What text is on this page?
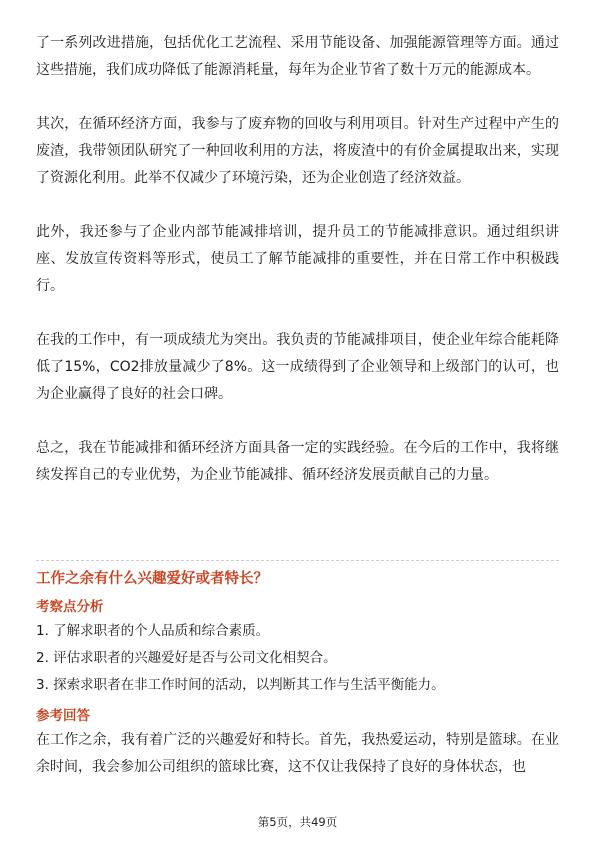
了一系列改进措施，包括优化工艺流程、采用节能设备、加强能源管理等方面。通过这些措施，我们成功降低了能源消耗量，每年为企业节省了数十万元的能源成本。

其次，在循环经济方面，我参与了废弃物的回收与利用项目。针对生产过程中产生的废渣，我带领团队研究了一种回收利用的方法，将废渣中的有价金属提取出来，实现了资源化利用。此举不仅减少了环境污染，还为企业创造了经济效益。

此外，我还参与了企业内部节能减排培训，提升员工的节能减排意识。通过组织讲座、发放宣传资料等形式，使员工了解节能减排的重要性，并在日常工作中积极践行。

在我的工作中，有一项成绩尤为突出。我负责的节能减排项目，使企业年综合能耗降低了15%，CO2排放量减少了8%。这一成绩得到了企业领导和上级部门的认可，也为企业赢得了良好的社会口碑。

总之，我在节能减排和循环经济方面具备一定的实践经验。在今后的工作中，我将继续发挥自己的专业优势，为企业节能减排、循环经济发展贡献自己的力量。

工作之余有什么兴趣爱好或者特长？

考察点分析

1. 了解求职者的个人品质和综合素质。
2. 评估求职者的兴趣爱好是否与公司文化相契合。
3. 探索求职者在非工作时间的活动，以判断其工作与生活平衡能力。

参考回答

在工作之余，我有着广泛的兴趣爱好和特长。首先，我热爱运动，特别是篮球。在业余时间，我会参加公司组织的篮球比赛，这不仅让我保持了良好的身体状态，也

第5页，共49页
